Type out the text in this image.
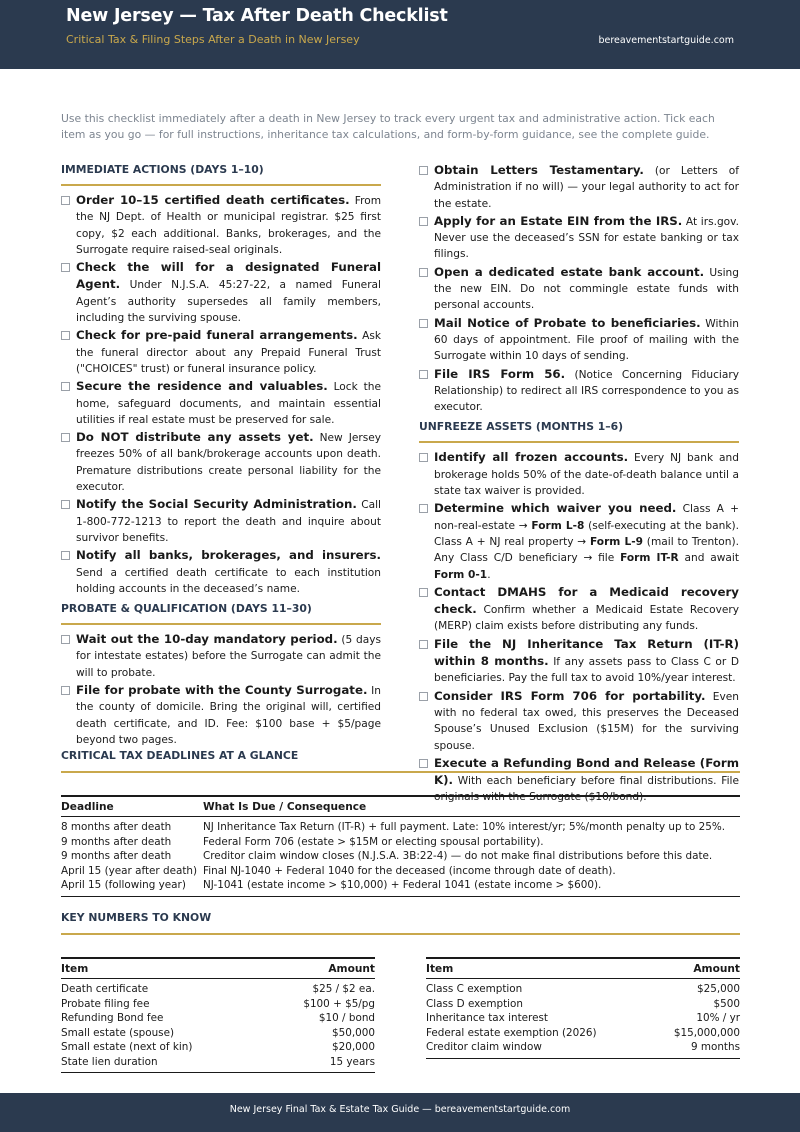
New Jersey — Tax After Death Checklist
Critical Tax & Filing Steps After a Death in New Jersey	bereavementstartguide.com
Use this checklist immediately after a death in New Jersey to track every urgent tax and administrative action. Tick each item as you go — for full instructions, inheritance tax calculations, and form-by-form guidance, see the complete guide.
IMMEDIATE ACTIONS (DAYS 1–10)
Order 10–15 certified death certificates. From the NJ Dept. of Health or municipal registrar. $25 first copy, $2 each additional. Banks, brokerages, and the Surrogate require raised-seal originals.
Check the will for a designated Funeral Agent. Under N.J.S.A. 45:27-22, a named Funeral Agent’s authority supersedes all family members, including the surviving spouse.
Check for pre-paid funeral arrangements. Ask the funeral director about any Prepaid Funeral Trust ("CHOICES" trust) or funeral insurance policy.
Secure the residence and valuables. Lock the home, safeguard documents, and maintain essential utilities if real estate must be preserved for sale.
Do NOT distribute any assets yet. New Jersey freezes 50% of all bank/brokerage accounts upon death. Premature distributions create personal liability for the executor.
Notify the Social Security Administration. Call 1-800-772-1213 to report the death and inquire about survivor benefits.
Notify all banks, brokerages, and insurers. Send a certified death certificate to each institution holding accounts in the deceased’s name.
PROBATE & QUALIFICATION (DAYS 11–30)
Wait out the 10-day mandatory period. (5 days for intestate estates) before the Surrogate can admit the will to probate.
File for probate with the County Surrogate. In the county of domicile. Bring the original will, certified death certificate, and ID. Fee: $100 base + $5/page beyond two pages.
Obtain Letters Testamentary. (or Letters of Administration if no will) — your legal authority to act for the estate.
Apply for an Estate EIN from the IRS. At irs.gov. Never use the deceased’s SSN for estate banking or tax filings.
Open a dedicated estate bank account. Using the new EIN. Do not commingle estate funds with personal accounts.
Mail Notice of Probate to beneficiaries. Within 60 days of appointment. File proof of mailing with the Surrogate within 10 days of sending.
File IRS Form 56. (Notice Concerning Fiduciary Relationship) to redirect all IRS correspondence to you as executor.
UNFREEZE ASSETS (MONTHS 1–6)
Identify all frozen accounts. Every NJ bank and brokerage holds 50% of the date-of-death balance until a state tax waiver is provided.
Determine which waiver you need. Class A + non-real-estate → Form L-8 (self-executing at the bank). Class A + NJ real property → Form L-9 (mail to Trenton). Any Class C/D beneficiary → file Form IT-R and await Form 0-1.
Contact DMAHS for a Medicaid recovery check. Confirm whether a Medicaid Estate Recovery (MERP) claim exists before distributing any funds.
File the NJ Inheritance Tax Return (IT-R) within 8 months. If any assets pass to Class C or D beneficiaries. Pay the full tax to avoid 10%/year interest.
Consider IRS Form 706 for portability. Even with no federal tax owed, this preserves the Deceased Spouse’s Unused Exclusion ($15M) for the surviving spouse.
Execute a Refunding Bond and Release (Form K). With each beneficiary before final distributions. File originals with the Surrogate ($10/bond).
CRITICAL TAX DEADLINES AT A GLANCE
Deadline	What Is Due / Consequence
8 months after death	NJ Inheritance Tax Return (IT-R) + full payment. Late: 10% interest/yr; 5%/month penalty up to 25%.
9 months after death	Federal Form 706 (estate > $15M or electing spousal portability).
9 months after death	Creditor claim window closes (N.J.S.A. 3B:22-4) — do not make final distributions before this date.
April 15 (year after death)	Final NJ-1040 + Federal 1040 for the deceased (income through date of death).
April 15 (following year)	NJ-1041 (estate income > $10,000) + Federal 1041 (estate income > $600).
KEY NUMBERS TO KNOW
Item	Amount
Death certificate	$25 / $2 ea.
Probate filing fee	$100 + $5/pg
Refunding Bond fee	$10 / bond
Small estate (spouse)	$50,000
Small estate (next of kin)	$20,000
State lien duration	15 years
Item	Amount
Class C exemption	$25,000
Class D exemption	$500
Inheritance tax interest	10% / yr
Federal estate exemption (2026)	$15,000,000
Creditor claim window	9 months
New Jersey Final Tax & Estate Tax Guide — bereavementstartguide.com
